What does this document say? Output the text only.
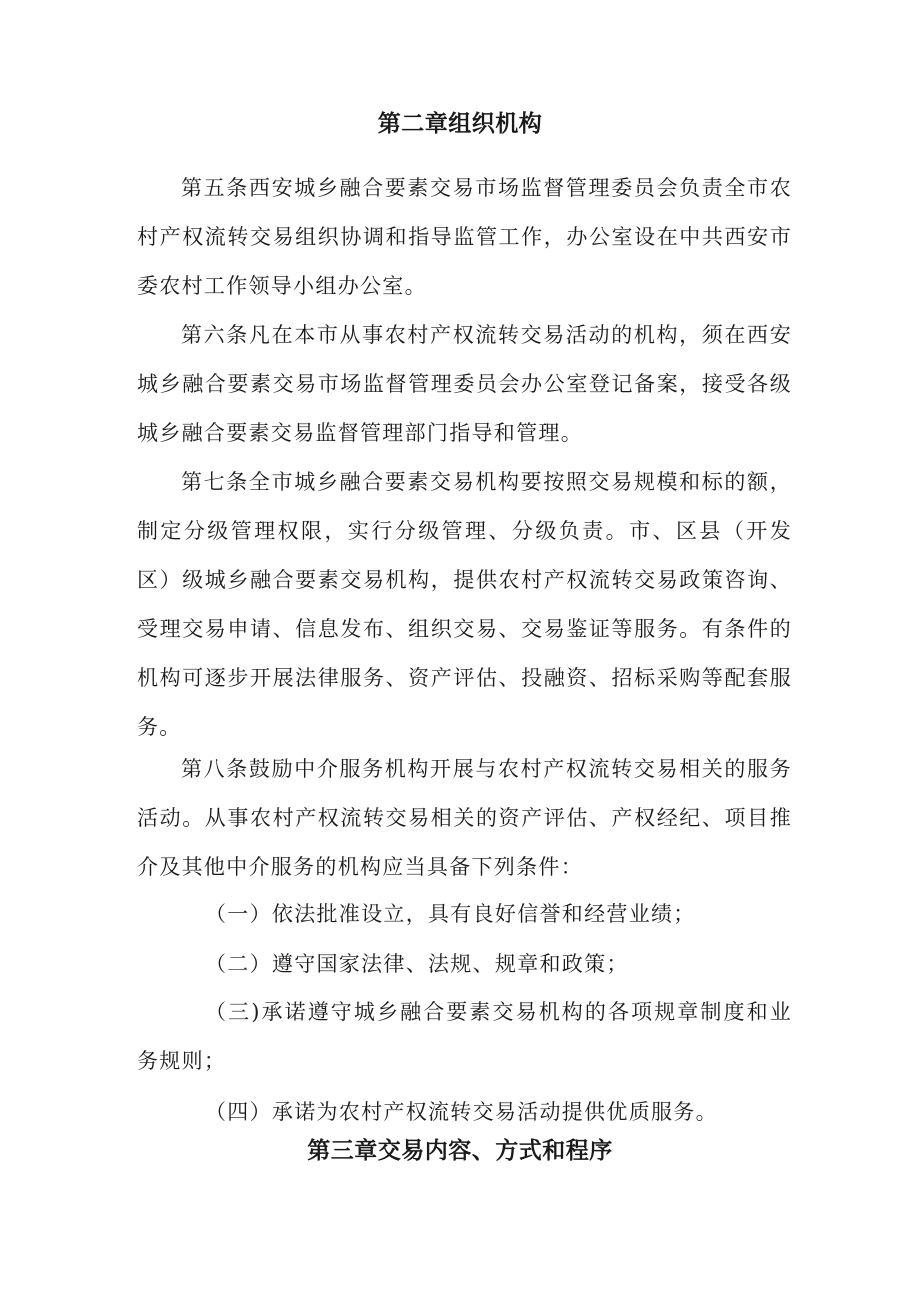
第二章组织机构
第五条西安城乡融合要素交易市场监督管理委员会负责全市农村产权流转交易组织协调和指导监管工作，办公室设在中共西安市委农村工作领导小组办公室。
第六条凡在本市从事农村产权流转交易活动的机构，须在西安城乡融合要素交易市场监督管理委员会办公室登记备案，接受各级城乡融合要素交易监督管理部门指导和管理。
第七条全市城乡融合要素交易机构要按照交易规模和标的额，制定分级管理权限，实行分级管理、分级负责。市、区县（开发区）级城乡融合要素交易机构，提供农村产权流转交易政策咨询、受理交易申请、信息发布、组织交易、交易鉴证等服务。有条件的机构可逐步开展法律服务、资产评估、投融资、招标采购等配套服务。
第八条鼓励中介服务机构开展与农村产权流转交易相关的服务活动。从事农村产权流转交易相关的资产评估、产权经纪、项目推介及其他中介服务的机构应当具备下列条件：
（一）依法批准设立，具有良好信誉和经营业绩；
（二）遵守国家法律、法规、规章和政策；
（三)承诺遵守城乡融合要素交易机构的各项规章制度和业务规则；
（四）承诺为农村产权流转交易活动提供优质服务。
第三章交易内容、方式和程序
